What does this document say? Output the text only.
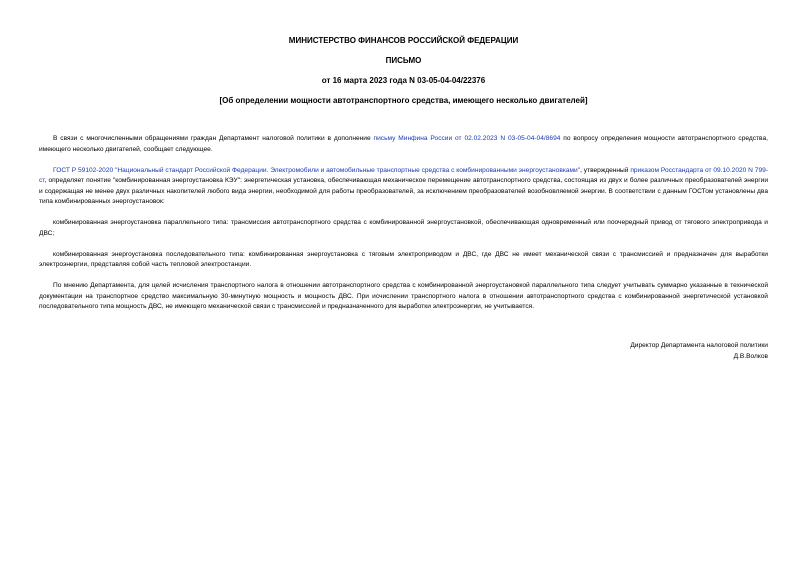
МИНИСТЕРСТВО ФИНАНСОВ РОССИЙСКОЙ ФЕДЕРАЦИИ
ПИСЬМО
от 16 марта 2023 года N 03-05-04-04/22376
[Об определении мощности автотранспортного средства, имеющего несколько двигателей]

В связи с многочисленными обращениями граждан Департамент налоговой политики в дополнение письму Минфина России от 02.02.2023 N 03-05-04-04/8694 по вопросу определения мощности автотранспортного средства, имеющего несколько двигателей, сообщает следующее.

ГОСТ Р 59102-2020 "Национальный стандарт Российской Федерации. Электромобили и автомобильные транспортные средства с комбинированными энергоустановками", утвержденный приказом Росстандарта от 09.10.2020 N 799-ст, определяет понятие "комбинированная энергоустановка КЭУ": энергетическая установка, обеспечивающая механическое перемещение автотранспортного средства, состоящая из двух и более различных преобразователей энергии и содержащая не менее двух различных накопителей любого вида энергии, необходимой для работы преобразователей, за исключением преобразователей возобновляемой энергии. В соответствии с данным ГОСТом установлены два типа комбинированных энергоустановок:

комбинированная энергоустановка параллельного типа: трансмиссия автотранспортного средства с комбинированной энергоустановкой, обеспечивающая одновременный или поочередный привод от тягового электропривода и ДВС;

комбинированная энергоустановка последовательного типа: комбинированная энергоустановка с тяговым электроприводом и ДВС, где ДВС не имеет механической связи с трансмиссией и предназначен для выработки электроэнергии, представляя собой часть тепловой электростанции.

По мнению Департамента, для целей исчисления транспортного налога в отношении автотранспортного средства с комбинированной энергоустановкой параллельного типа следует учитывать суммарно указанные в технической документации на транспортное средство максимальную 30-минутную мощность и мощность ДВС. При исчислении транспортного налога в отношении автотранспортного средства с комбинированной энергетической установкой последовательного типа мощность ДВС, не имеющего механической связи с трансмиссией и предназначенного для выработки электроэнергии, не учитывается.

Директор Департамента налоговой политики
Д.В.Волков
